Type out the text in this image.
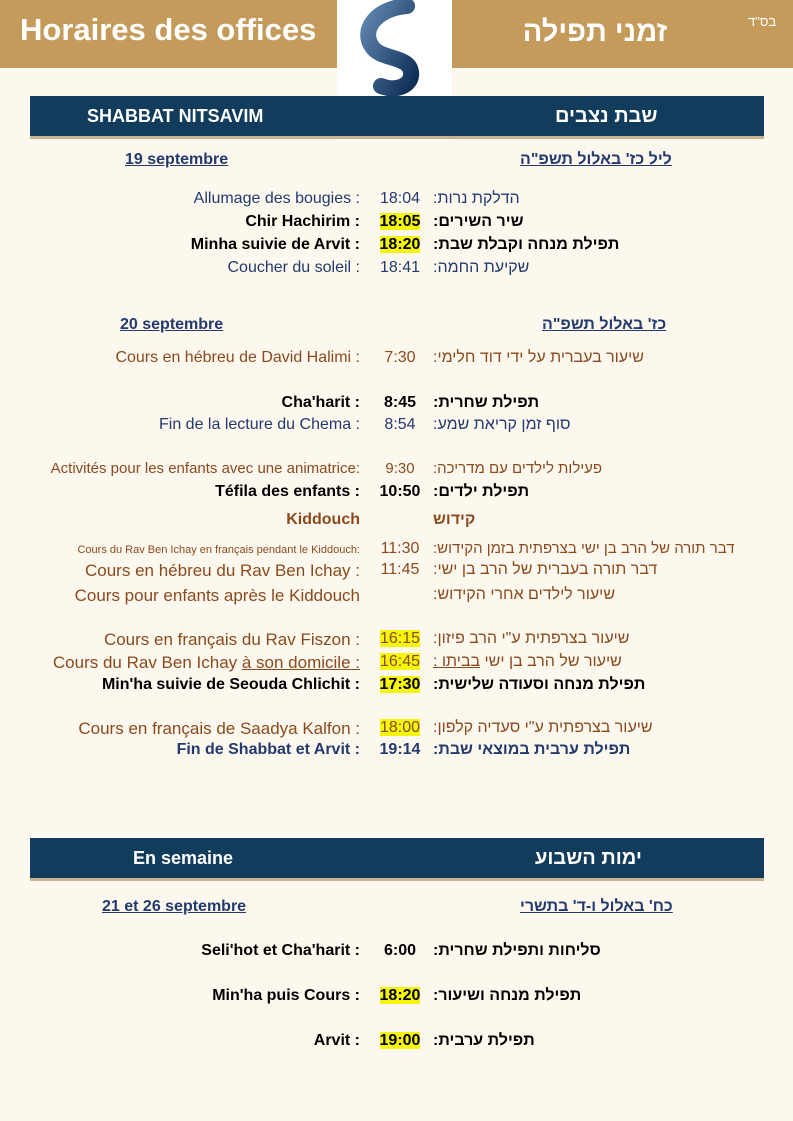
Horaires des offices	זמני תפילה	בס"ד
SHABBAT NITSAVIM	שבת נצבים
19 septembre	ליל כז' באלול תשפ"ה
Allumage des bougies :	18:04 הדלקת נרות:
Chir Hachirim :	18:05 שיר השירים:
Minha suivie de Arvit :	18:20 תפילת מנחה וקבלת שבת:
Coucher du soleil :	18:41 שקיעת החמה:
20 septembre	כז' באלול תשפ"ה
Cours en hébreu de David Halimi :	7:30	שיעור בעברית על ידי דוד חלימי:
Cha'harit :	8:45	תפילת שחרית:
Fin de la lecture du Chema :	8:54	סוף זמן קריאת שמע:
Activités pour les enfants avec une animatrice:	9:30	פעילות לילדים עם מדריכה:
Téfila des enfants :	10:50 תפילת ילדים:
Kiddouch	קידוש
Cours du Rav Ben Ichay en français pendant le Kiddouch:	11:30 דבר תורה של הרב בן ישי בצרפתית בזמן הקידוש:
Cours en hébreu du Rav Ben Ichay :	11:45 דבר תורה בעברית של הרב בן ישי:
Cours pour enfants après le Kiddouch	שיעור לילדים אחרי הקידוש:
Cours en français du Rav Fiszon :	16:15 שיעור בצרפתית ע"י הרב פיזון:
Cours du Rav Ben Ichay à son domicile :	16:45	שיעור של הרב בן ישי בביתו :
Min'ha suivie de Seouda Chlichit :	17:30 תפילת מנחה וסעודה שלישית:
Cours en français de Saadya Kalfon :	18:00 שיעור בצרפתית ע"י סעדיה קלפון:
Fin de Shabbat et Arvit :	19:14 תפילת ערבית במוצאי שבת:
En semaine	ימות השבוע
21 et 26 septembre	כח' באלול ו-ד' בתשרי
Seli'hot et Cha'harit :	6:00	סליחות ותפילת שחרית:
Min'ha puis Cours :	18:20 תפילת מנחה ושיעור:
Arvit :	19:00 תפילת ערבית:
